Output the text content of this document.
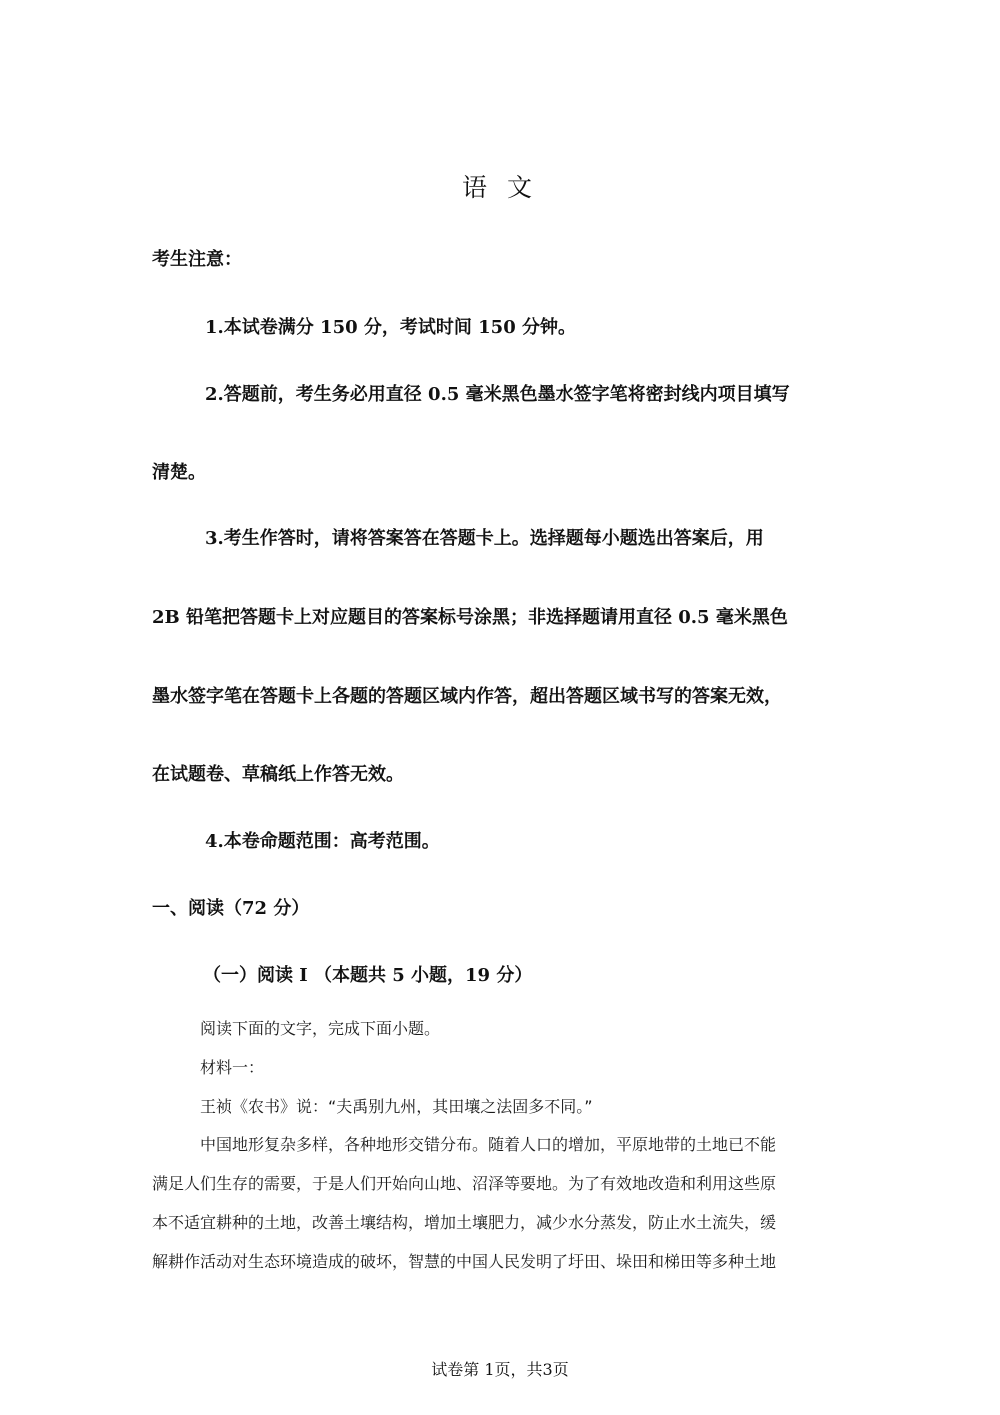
语 文
考生注意：
1.本试卷满分 150 分，考试时间 150 分钟。
2.答题前，考生务必用直径 0.5 毫米黑色墨水签字笔将密封线内项目填写
清楚。
3.考生作答时，请将答案答在答题卡上。选择题每小题选出答案后，用
2B 铅笔把答题卡上对应题目的答案标号涂黑；非选择题请用直径 0.5 毫米黑色
墨水签字笔在答题卡上各题的答题区域内作答，超出答题区域书写的答案无效，
在试题卷、草稿纸上作答无效。
4.本卷命题范围：高考范围。
一、阅读（72 分）
（一）阅读 I （本题共 5 小题，19 分）
阅读下面的文字，完成下面小题。
材料一：
王祯《农书》说：“夫禹别九州，其田壤之法固多不同。”
中国地形复杂多样，各种地形交错分布。随着人口的增加，平原地带的土地已不能
满足人们生存的需要，于是人们开始向山地、沼泽等要地。为了有效地改造和利用这些原
本不适宜耕种的土地，改善土壤结构，增加土壤肥力，减少水分蒸发，防止水土流失，缓
解耕作活动对生态环境造成的破坏，智慧的中国人民发明了圩田、垛田和梯田等多种土地
试卷第 1页，共3页
